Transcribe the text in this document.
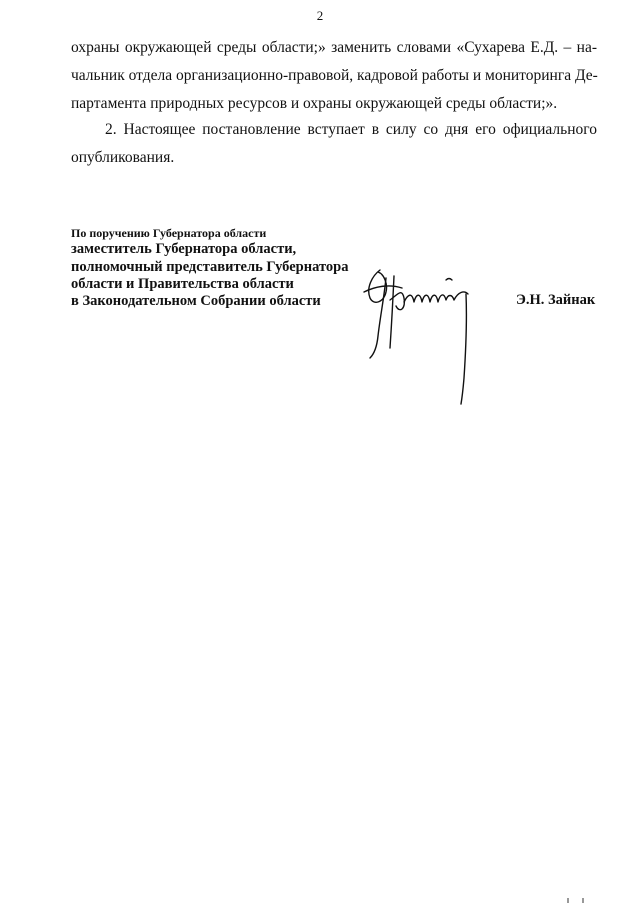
2
охраны окружающей среды области;» заменить словами «Сухарева Е.Д. – на-
чальник отдела организационно-правовой, кадровой работы и мониторинга Де-
партамента природных ресурсов и охраны окружающей среды области;».
2. Настоящее постановление вступает в силу со дня его официального
опубликования.
По поручению Губернатора области
заместитель Губернатора области,
полномочный представитель Губернатора
области и Правительства области
в Законодательном Собрании области	Э.Н. Зайнак
